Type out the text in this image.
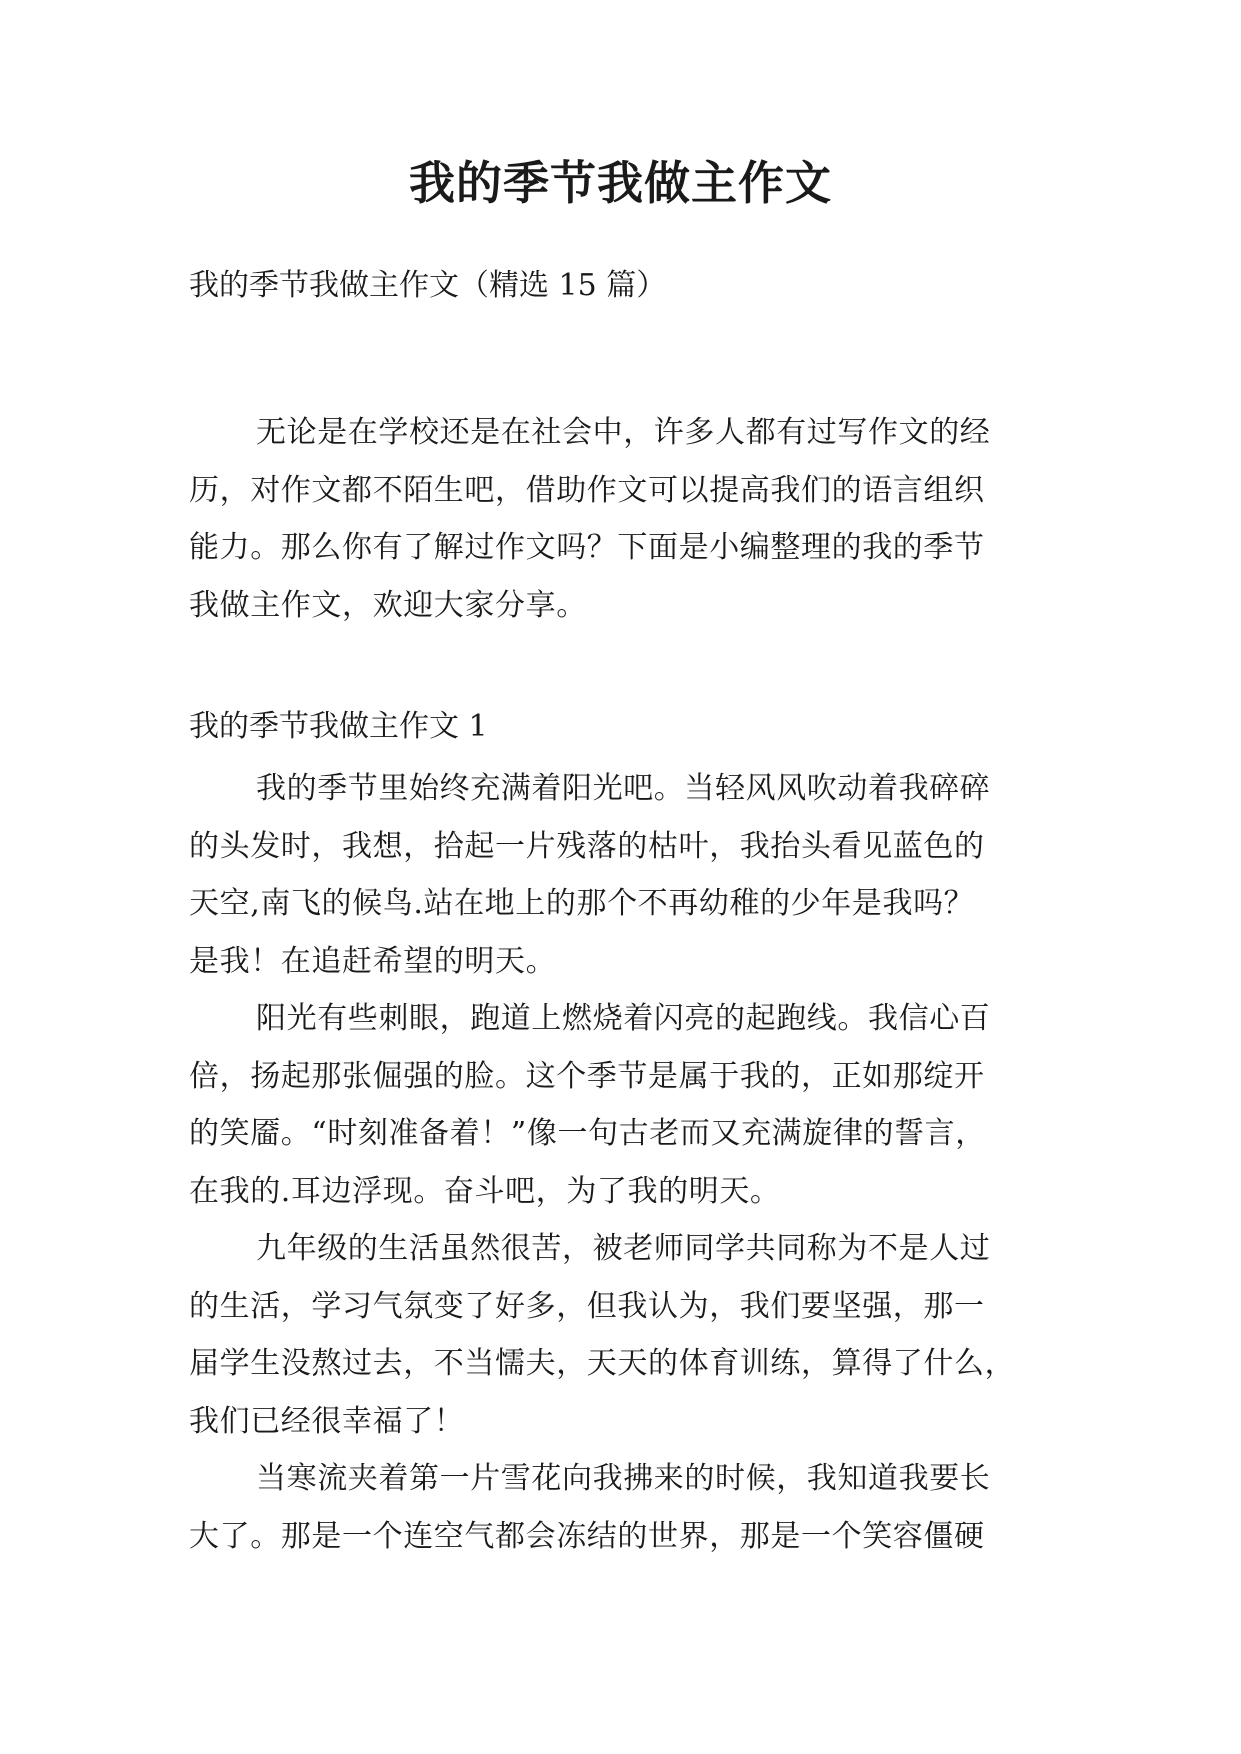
我的季节我做主作文

我的季节我做主作文（精选 15 篇）

无论是在学校还是在社会中，许多人都有过写作文的经
历，对作文都不陌生吧，借助作文可以提高我们的语言组织
能力。那么你有了解过作文吗？下面是小编整理的我的季节
我做主作文，欢迎大家分享。

我的季节我做主作文 1

我的季节里始终充满着阳光吧。当轻风风吹动着我碎碎
的头发时，我想，拾起一片残落的枯叶，我抬头看见蓝色的
天空,南飞的候鸟.站在地上的那个不再幼稚的少年是我吗？
是我！在追赶希望的明天。
阳光有些刺眼，跑道上燃烧着闪亮的起跑线。我信心百
倍，扬起那张倔强的脸。这个季节是属于我的，正如那绽开
的笑靥。“时刻准备着！”像一句古老而又充满旋律的誓言，
在我的.耳边浮现。奋斗吧，为了我的明天。
九年级的生活虽然很苦，被老师同学共同称为不是人过
的生活，学习气氛变了好多，但我认为，我们要坚强，那一
届学生没熬过去，不当懦夫，天天的体育训练，算得了什么，
我们已经很幸福了！
当寒流夹着第一片雪花向我拂来的时候，我知道我要长
大了。那是一个连空气都会冻结的世界，那是一个笑容僵硬
